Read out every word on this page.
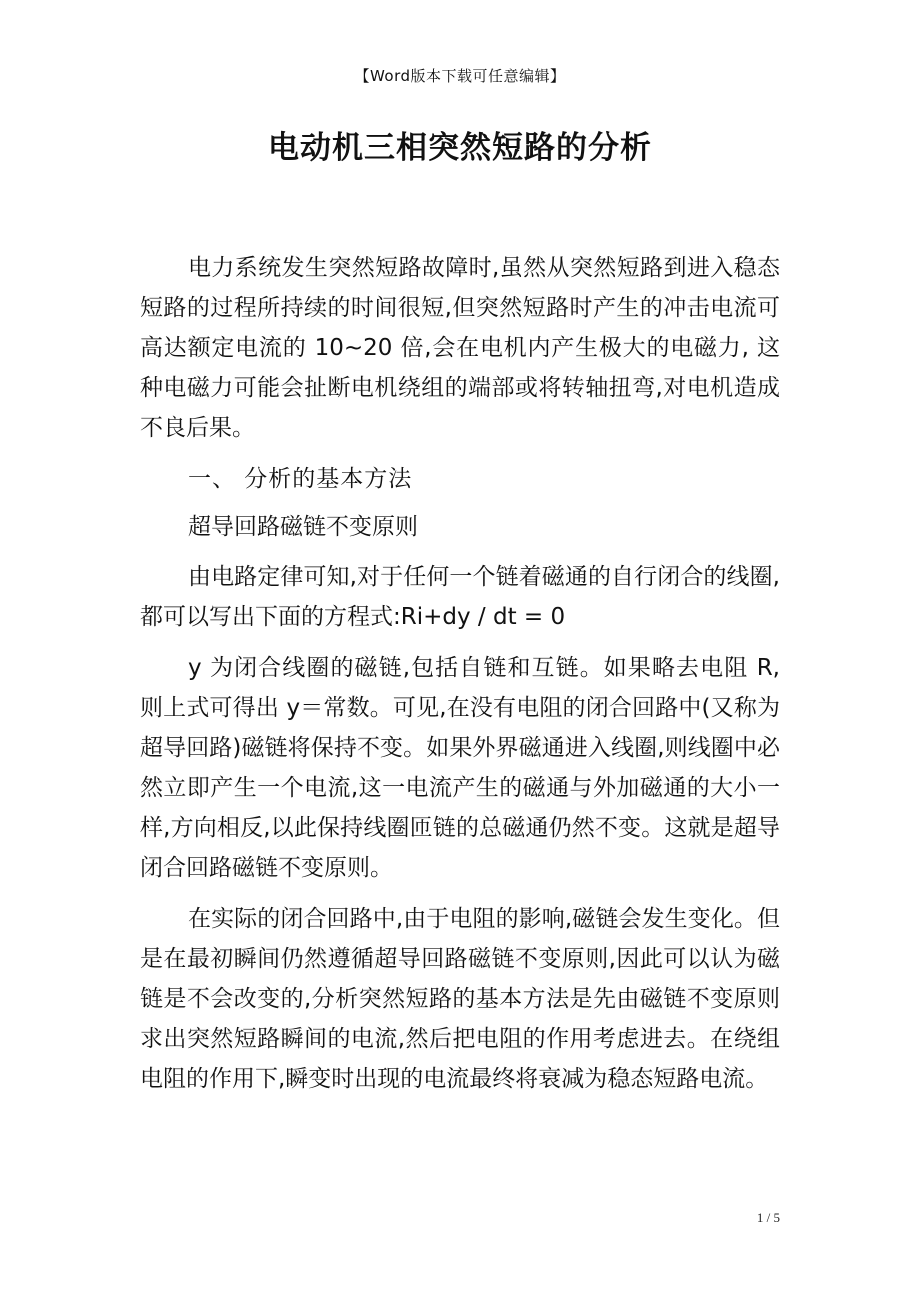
【Word版本下载可任意编辑】
电动机三相突然短路的分析

电力系统发生突然短路故障时,虽然从突然短路到进入稳态短路的过程所持续的时间很短,但突然短路时产生的冲击电流可高达额定电流的 10~20 倍,会在电机内产生极大的电磁力, 这种电磁力可能会扯断电机绕组的端部或将转轴扭弯,对电机造成不良后果。

一、 分析的基本方法

超导回路磁链不变原则

由电路定律可知,对于任何一个链着磁通的自行闭合的线圈,都可以写出下面的方程式:Ri+dy / dt = 0

y 为闭合线圈的磁链,包括自链和互链。如果略去电阻 R, 则上式可得出 y＝常数。可见,在没有电阻的闭合回路中(又称为超导回路)磁链将保持不变。如果外界磁通进入线圈,则线圈中必然立即产生一个电流,这一电流产生的磁通与外加磁通的大小一样,方向相反,以此保持线圈匝链的总磁通仍然不变。这就是超导闭合回路磁链不变原则。

在实际的闭合回路中,由于电阻的影响,磁链会发生变化。但是在最初瞬间仍然遵循超导回路磁链不变原则,因此可以认为磁链是不会改变的,分析突然短路的基本方法是先由磁链不变原则求出突然短路瞬间的电流,然后把电阻的作用考虑进去。在绕组电阻的作用下,瞬变时出现的电流最终将衰减为稳态短路电流。

1 / 5
